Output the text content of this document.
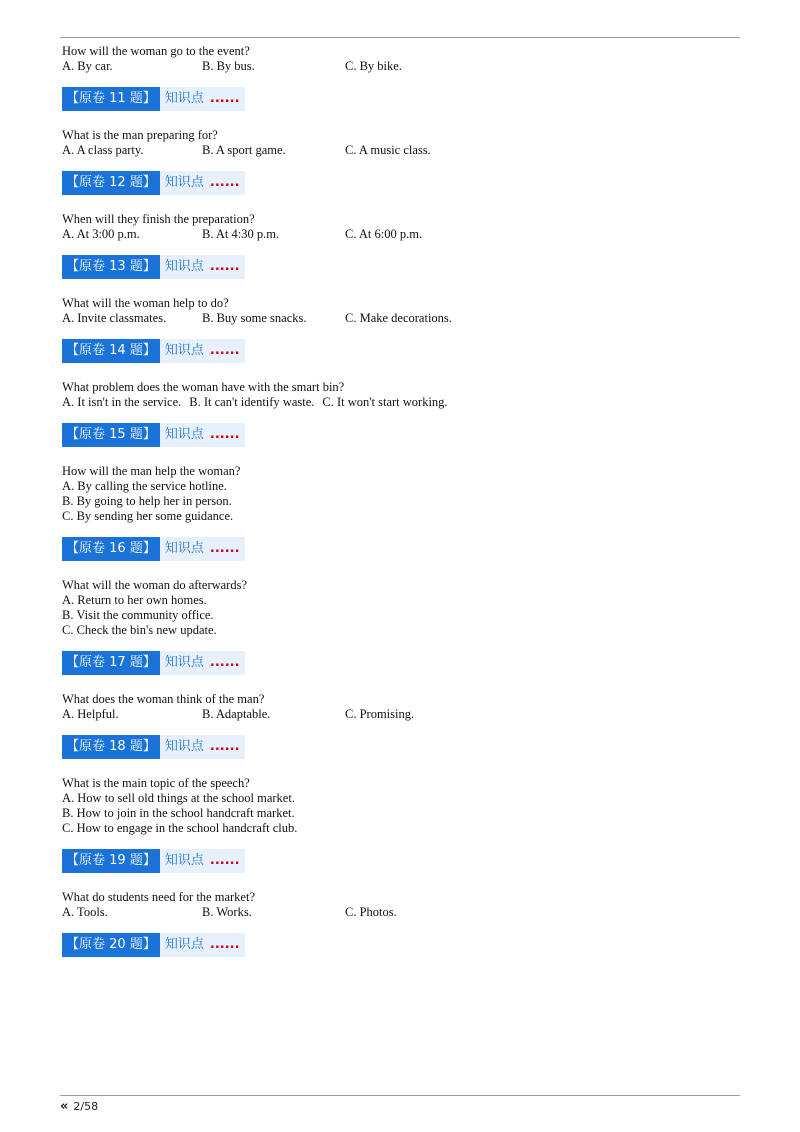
How will the woman go to the event?
A. By car.	B. By bus.	C. By bike.
【原卷 11 题】 知识点 ......
What is the man preparing for?
A. A class party.	B. A sport game.	C. A music class.
【原卷 12 题】 知识点 ......
When will they finish the preparation?
A. At 3:00 p.m.	B. At 4:30 p.m.	C. At 6:00 p.m.
【原卷 13 题】 知识点 ......
What will the woman help to do?
A. Invite classmates.	B. Buy some snacks.	C. Make decorations.
【原卷 14 题】 知识点 ......
What problem does the woman have with the smart bin?
A. It isn't in the service. B. It can't identify waste. C. It won't start working.
【原卷 15 题】 知识点 ......
How will the man help the woman?
A. By calling the service hotline.
B. By going to help her in person.
C. By sending her some guidance.
【原卷 16 题】 知识点 ......
What will the woman do afterwards?
A. Return to her own homes.
B. Visit the community office.
C. Check the bin's new update.
【原卷 17 题】 知识点 ......
What does the woman think of the man?
A. Helpful.	B. Adaptable.	C. Promising.
【原卷 18 题】 知识点 ......
What is the main topic of the speech?
A. How to sell old things at the school market.
B. How to join in the school handcraft market.
C. How to engage in the school handcraft club.
【原卷 19 题】 知识点 ......
What do students need for the market?
A. Tools.	B. Works.	C. Photos.
【原卷 20 题】 知识点 ......
« 2/58
